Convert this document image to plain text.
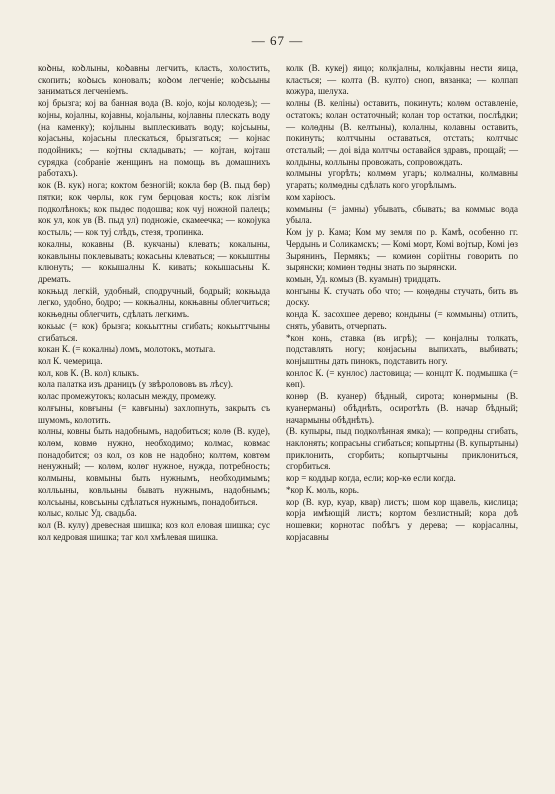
— 67 —

коꝺны, коꝺлыны, коꝺавны легчить, класть, холостить, скопить; коꝺысь коновалъ; коꝺом легченіе; коꝺсьыны заниматься легченіемъ.

кој брызга; кој ва банная вода (В. којо, којы колодезь); — којны, којалны, којавны, којалыны, којлавны плескать воду (на каменку); којлыны выплескивать воду; којсьыны, којасьны, којасьны плескаться, брызгаться; — којнас подойникъ; — којтны складывать; — којтан, којташ сурядка (собраніе женщинъ на помощь въ домашнихъ работахъ).

кок (В. кук) нога; коктом безногій; кокла бөр (В. пыд бөр) пятки; кок чөрлы, кок гум берцовая кость; кок лізгім подколѣнокъ; кок пыдөс подошва; кок чуј ножной палецъ; кок ул, кок ув (В. пыд ул) подножіе, скамеечка; — кокојука костыль; — кок туј слѣдъ, стезя, тропинка.

кокалны, кокавны (В. кукчаны) клевать; кокалыны, кокавлыны поклевывать; кокасьны клеваться; — кокыштны клюнуть; — кокышалны К. кивать; кокышасьны К. дремать.

кокњыд легкій, удобный, сподручный, бодрый; кокњыда легко, удобно, бодро; — кокњалны, кокњавны облегчиться; кокњөдны облегчить, сдѣлать легкимъ.

кокьыс (= кок) брызга; кокьыттны сгибать; кокьыттчыны сгибаться.

кокан К. (= кокалны) ломъ, молотокъ, мотыга.

кол К. чемерица.

кол, ков К. (В. кол) клыкъ.

кола палатка изъ драницъ (у звѣролововъ въ лѣсу).

колас промежутокъ; коласын между, промежу.

колғыны, ковғыны (= кавғыны) захлопнуть, закрыть съ шумомъ, колотить.

колны, ковны быть надобнымъ, надобиться; колө (В. куде), колөм, ковмө нужно, необходимо; колмас, ковмас понадобится; оз кол, оз ков не надобно; колтөм, ковтөм ненужный; — колөм, колөг нужное, нужда, потребность; колмыны, ковмыны быть нужнымъ, необходимымъ; колльыны, ковльыны бывать нужнымъ, надобнымъ; колсьыны, ковсьыны сдѣлаться нужнымъ, понадобиться.

колыс, колыс Уд. свадьба.

кол (В. кулу) древесная шишка; коз кол еловая шишка; сус кол кедровая шишка; таг кол хмѣлевая шишка.

колк (В. кукеј) яицо; колкјалны, колкјавны нести яица, класться; — колта (В. култо) сноп, вязанка; — колпап кожура, шелуха.

колны (В. келіны) оставить, покинуть; колөм оставленіе, остатокъ; колан остаточный; колан тор остатки, послѣдки; — колөдны (В. келтыны), колалны, колавны оставить, покинуть; колтчыны оставаться, отстать; колтчыс отсталый; — доі віда колтчы оставайся здравъ, прощай; — колдыны, коллыны провожать, сопровождать.

колмыны угорѣть; колмөм угаръ; колмалны, колмавны угарать; колмөдны сдѣлать кого угорѣлымъ.

ком харіюсъ.

коммыны (= јамны) убывать, сбывать; ва коммыс вода убыла.

Ком ју р. Кама; Ком му земля по р. Камѣ, особенно гг. Чердынь и Соликамскъ; — Комі морт, Комі војтыр, Комі јөз Зырянинъ, Пермякъ; — комиөн соріітны говорить по зырянски; комиөн төдны знать по зырянски.

комын, Уд. комыз (В. куамын) тридцать.

конгыны К. стучать обо что; — коңөдны стучать, бить въ доску.

конда К. засохшее дерево; кондыны (= коммыны) отлить, снять, убавить, отчерпать.

*кон конь, ставка (въ игрѣ); — конјалны толкать, подставлять ногу; конјасьны выпихать, выбивать; конјыштны дать пинокъ, подставить ногу.

конлос К. (= кунлос) ластовица; — концлт К. подмышка (= көп).

конөр (В. куанер) бѣдный, сирота; конөрмыны (В. куанерманы) обѣднѣть, осиротѣть (В. начар бѣдный; начармыны обѣднѣть).

(В. купыры, пыд подколѣнная ямка); — копрөдны сгибать, наклонять; копрасьны сгибаться; копыртны (В. купыртыны) приклонить, сгорбить; копыртчыны приклониться, сгорбиться.

кор = коддыр когда, если; кор-кө если когда.

*кор К. моль, корь.

кор (В. кур, куар, квар) листъ; шом кор щавель, кислица; корја имѣющій листъ; кортом безлистный; кора доѣ ношевки; корнотас побѣгъ у дерева; — корјасалны, корјасавны
